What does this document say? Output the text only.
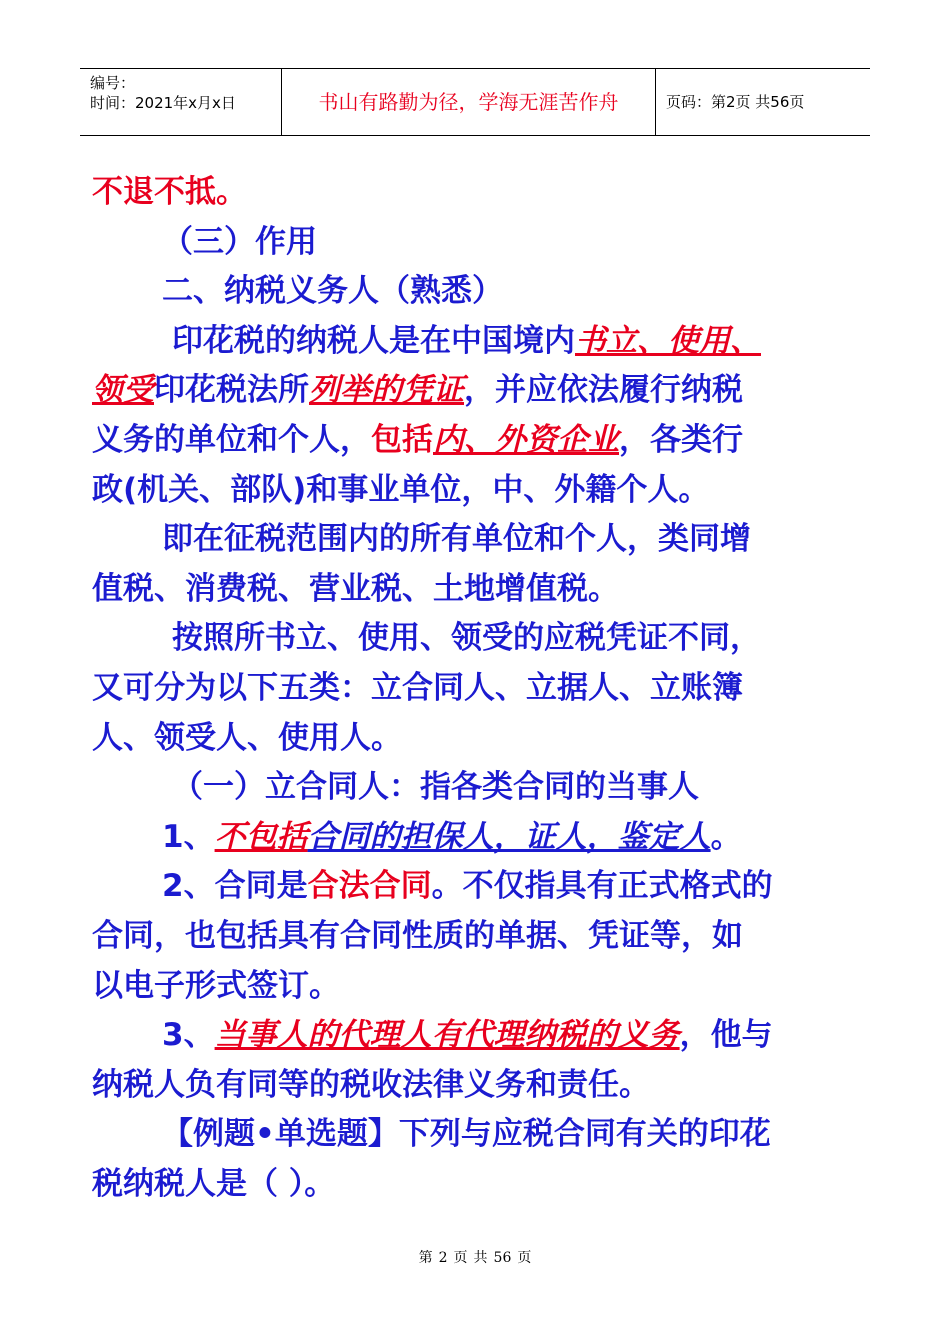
编号：
时间：2021年x月x日	书山有路勤为径，学海无涯苦作舟	页码：第2页 共56页

不退不抵。

（三）作用

二、纳税义务人（熟悉）

印花税的纳税人是在中国境内书立、使用、

领受印花税法所列举的凭证，并应依法履行纳税

义务的单位和个人，包括内、外资企业，各类行

政(机关、部队)和事业单位，中、外籍个人。

即在征税范围内的所有单位和个人，类同增

值税、消费税、营业税、土地增值税。

按照所书立、使用、领受的应税凭证不同，

又可分为以下五类：立合同人、立据人、立账簿

人、领受人、使用人。

（一）立合同人：指各类合同的当事人

1、不包括合同的担保人，证人，鉴定人。

2、合同是合法合同。不仅指具有正式格式的

合同，也包括具有合同性质的单据、凭证等，如

以电子形式签订。

3、当事人的代理人有代理纳税的义务，他与

纳税人负有同等的税收法律义务和责任。

【例题•单选题】下列与应税合同有关的印花

税纳税人是（ ）。

第 2 页 共 56 页
